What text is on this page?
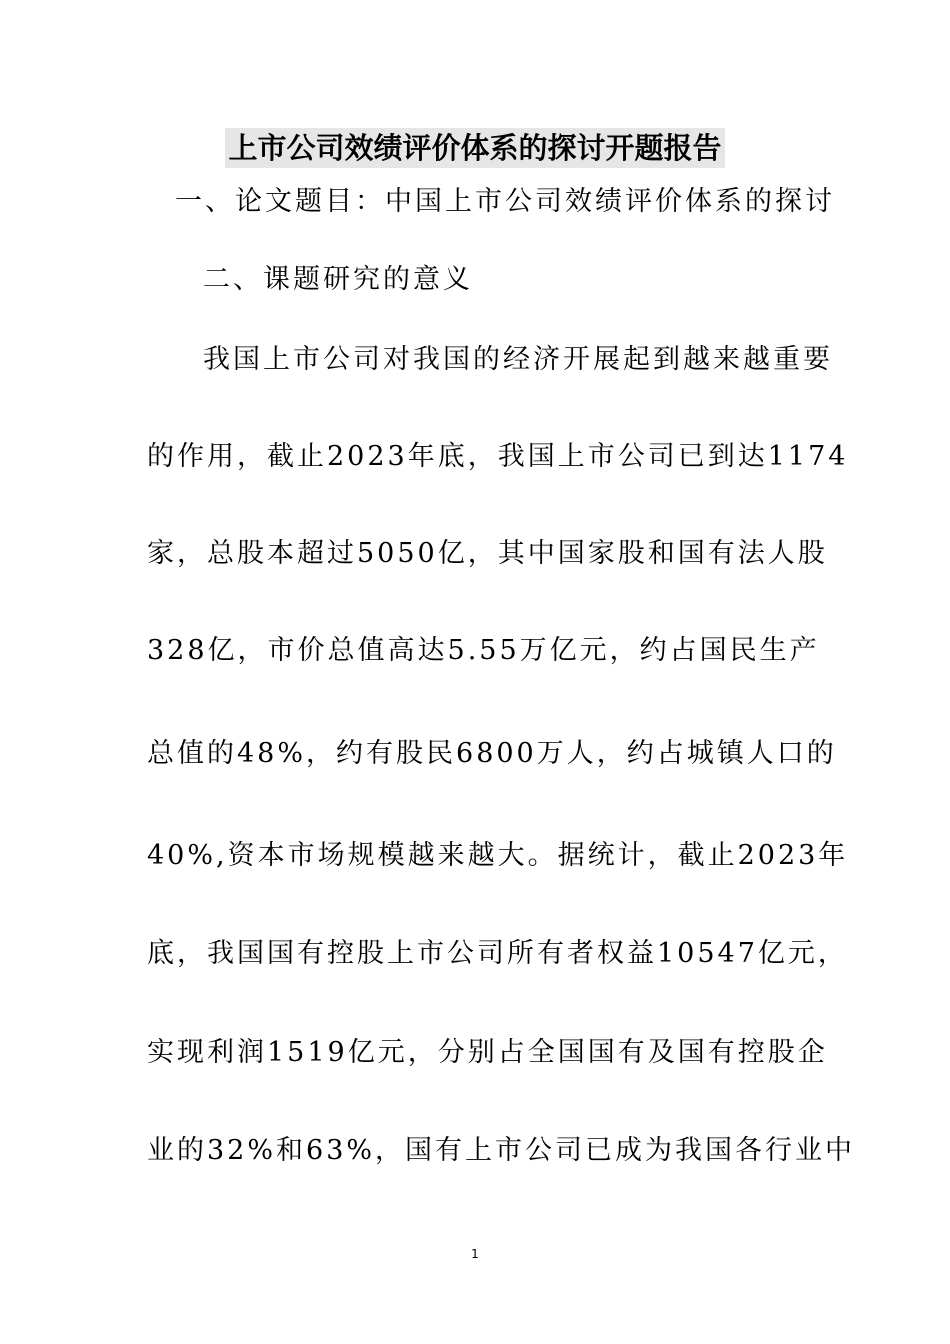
上市公司效绩评价体系的探讨开题报告
一、论文题目：中国上市公司效绩评价体系的探讨
二、课题研究的意义
我国上市公司对我国的经济开展起到越来越重要
的作用，截止2023年底，我国上市公司已到达1174
家，总股本超过5050亿，其中国家股和国有法人股
328亿，市价总值高达5.55万亿元，约占国民生产
总值的48%，约有股民6800万人，约占城镇人口的
40%,资本市场规模越来越大。据统计，截止2023年
底，我国国有控股上市公司所有者权益10547亿元，
实现利润1519亿元，分别占全国国有及国有控股企
业的32%和63%，国有上市公司已成为我国各行业中
1
